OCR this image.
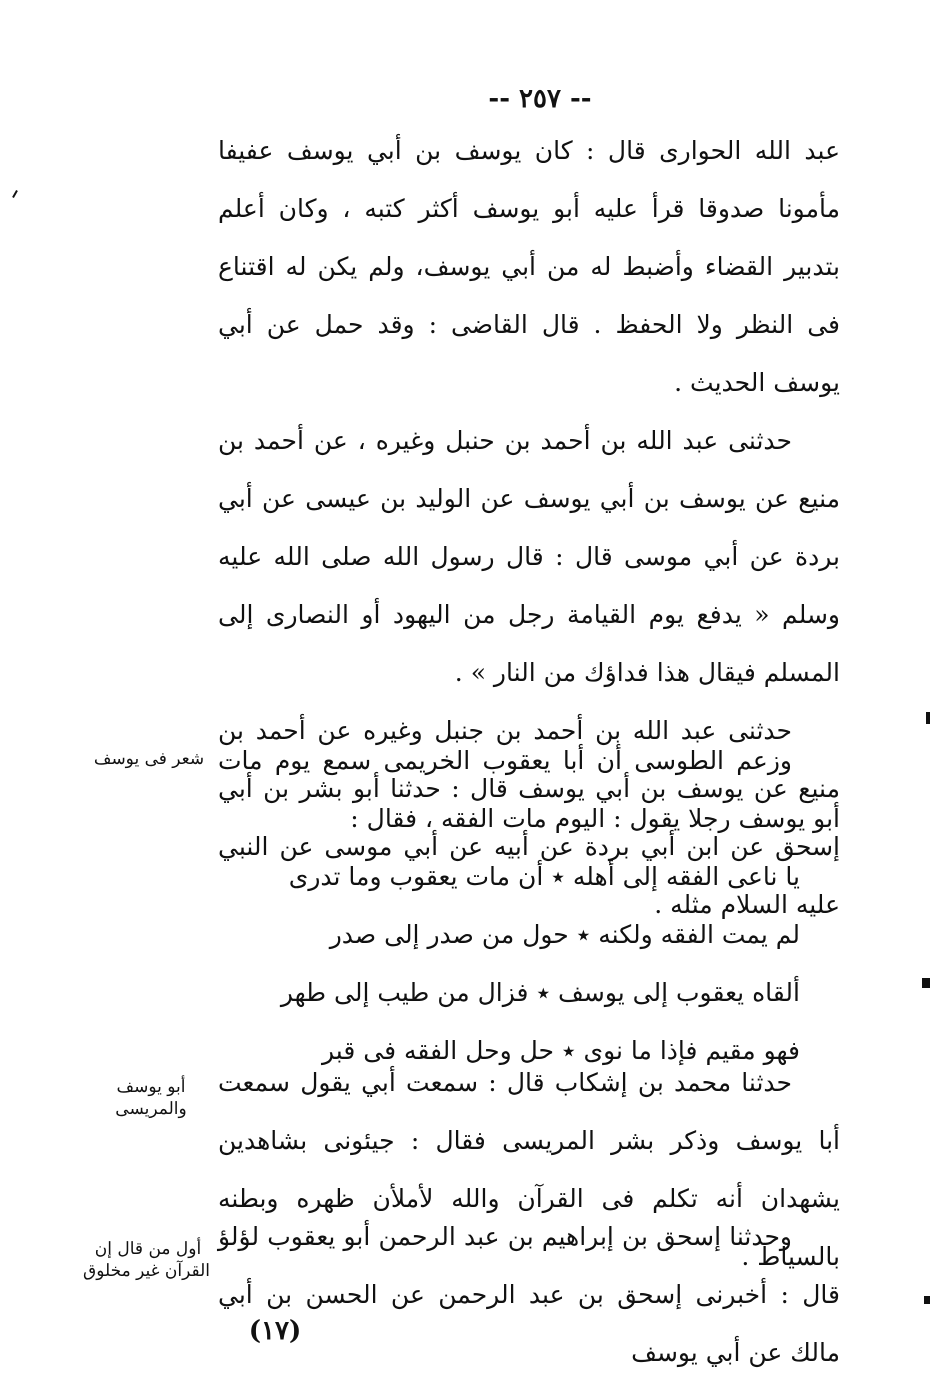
-- ٢٥٧ --

عبد الله الحوارى قال : كان يوسف بن أبي يوسف عفيفا مأمونا صدوقا قرأ عليه أبو يوسف أكثر كتبه ، وكان أعلم بتدبير القضاء وأضبط له من أبي يوسف، ولم يكن له اقتناع فى النظر ولا الحفظ . قال القاضى : وقد حمل عن أبي يوسف الحديث .

حدثنى عبد الله بن أحمد بن حنبل وغيره ، عن أحمد بن منيع عن يوسف بن أبي يوسف عن الوليد بن عيسى عن أبي بردة عن أبي موسى قال : قال رسول الله صلى الله عليه وسلم « يدفع يوم القيامة رجل من اليهود أو النصارى إلى المسلم فيقال هذا فداؤك من النار » .

حدثنى عبد الله بن أحمد بن جنبل وغيره عن أحمد بن منيع عن يوسف بن أبي يوسف قال : حدثنا أبو بشر بن أبي إسحق عن ابن أبي بردة عن أبيه عن أبي موسى عن النبي عليه السلام مثله .

وزعم الطوسى أن أبا يعقوب الخريمى سمع يوم مات أبو يوسف رجلا يقول : اليوم مات الفقه ، فقال :

يا ناعى الفقه إلى أهله ٭ أن مات يعقوب وما تدرى
لم يمت الفقه ولكنه ٭ حول من صدر إلى صدر
ألقاه يعقوب إلى يوسف ٭ فزال من طيب إلى طهر
فهو مقيم فإذا ما نوى ٭ حل وحل الفقه فى قبر

حدثنا محمد بن إشكاب قال : سمعت أبي يقول سمعت أبا يوسف وذكر بشر المريسى فقال : جيئونى بشاهدين يشهدان أنه تكلم فى القرآن والله لأملأن ظهره وبطنه بالسياط .

وحدثنا إسحق بن إبراهيم بن عبد الرحمن أبو يعقوب لؤلؤ قال : أخبرنى إسحق بن عبد الرحمن عن الحسن بن أبي مالك عن أبي يوسف

شعر فى يوسف
أبو يوسف
والمريسى
أول من قال إن
القرآن غير مخلوق
(١٧)
